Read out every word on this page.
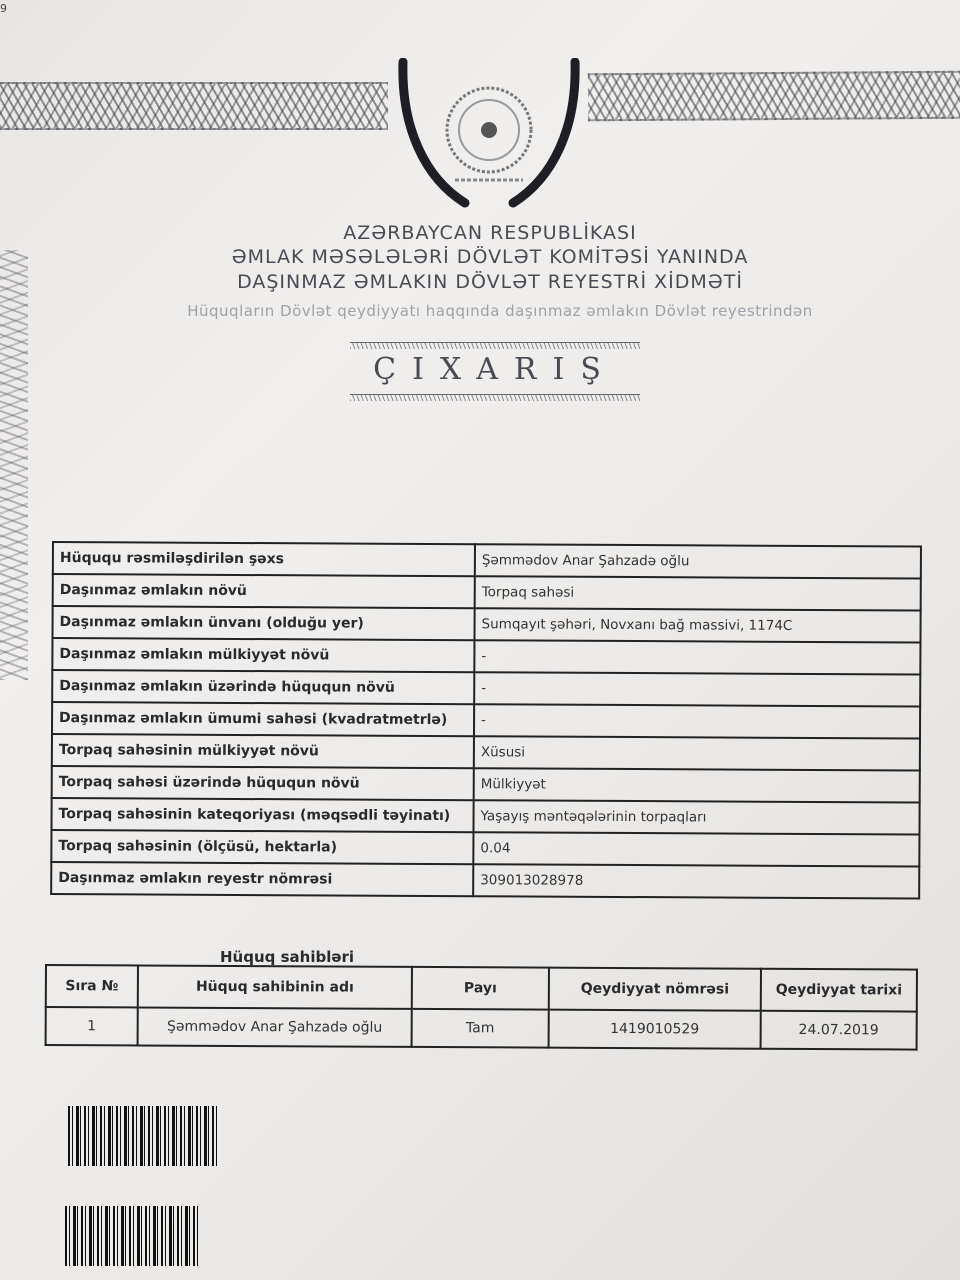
9
AZƏRBAYCAN RESPUBLİKASI
ƏMLAK MƏSƏLƏLƏRİ DÖVLƏT KOMİTƏSİ YANINDA
DAŞINMAZ ƏMLAKIN DÖVLƏT REYESTRİ XİDMƏTİ
Hüquqların Dövlət qeydiyyatı haqqında daşınmaz əmlakın Dövlət reyestrindən
ÇIXARIŞ
Hüququ rəsmiləşdirilən şəxs	Şəmmədov Anar Şahzadə oğlu
Daşınmaz əmlakın növü	Torpaq sahəsi
Daşınmaz əmlakın ünvanı (olduğu yer)	Sumqayıt şəhəri, Novxanı bağ massivi, 1174C
Daşınmaz əmlakın mülkiyyət növü	-
Daşınmaz əmlakın üzərində hüququn növü	-
Daşınmaz əmlakın ümumi sahəsi (kvadratmetrlə)	-
Torpaq sahəsinin mülkiyyət növü	Xüsusi
Torpaq sahəsi üzərində hüququn növü	Mülkiyyət
Torpaq sahəsinin kateqoriyası (məqsədli təyinatı)	Yaşayış məntəqələrinin torpaqları
Torpaq sahəsinin (ölçüsü, hektarla)	0.04
Daşınmaz əmlakın reyestr nömrəsi	309013028978
Hüquq sahibləri
Sıra №	Hüquq sahibinin adı	Payı	Qeydiyyat nömrəsi	Qeydiyyat tarixi
1	Şəmmədov Anar Şahzadə oğlu	Tam	1419010529	24.07.2019
